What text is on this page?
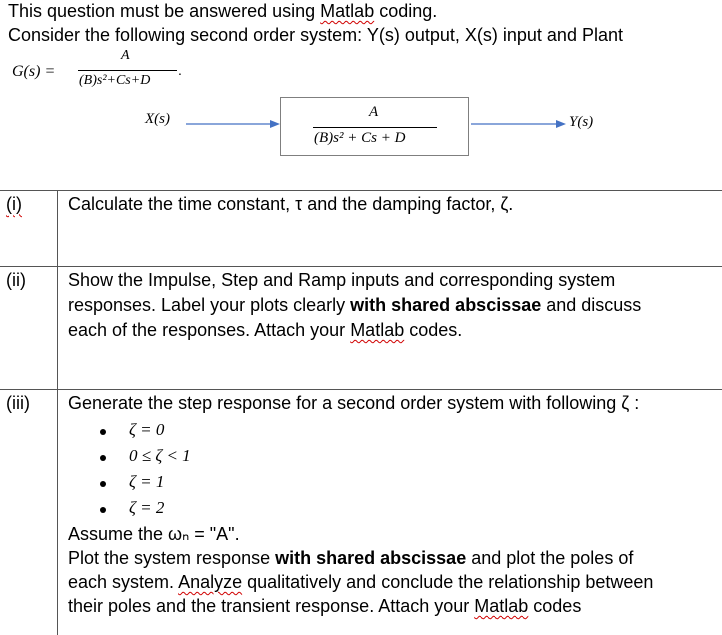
This question must be answered using Matlab coding.
Consider the following second order system: Y(s) output, X(s) input and Plant
G(s) =
A
(B)s²+Cs+D
.
X(s)	A
(B)s² + Cs + D
Y(s)
(i)	Calculate the time constant, τ and the damping factor, ζ.
(ii) Show the Impulse, Step and Ramp inputs and corresponding system
responses. Label your plots clearly with shared abscissae and discuss
each of the responses. Attach your Matlab codes.
(iii) Generate the step response for a second order system with following ζ :
ζ = 0
0 ≤ ζ < 1
ζ = 1
ζ = 2
Assume the ωₙ = "A".
Plot the system response with shared abscissae and plot the poles of
each system. Analyze qualitatively and conclude the relationship between
their poles and the transient response. Attach your Matlab codes
